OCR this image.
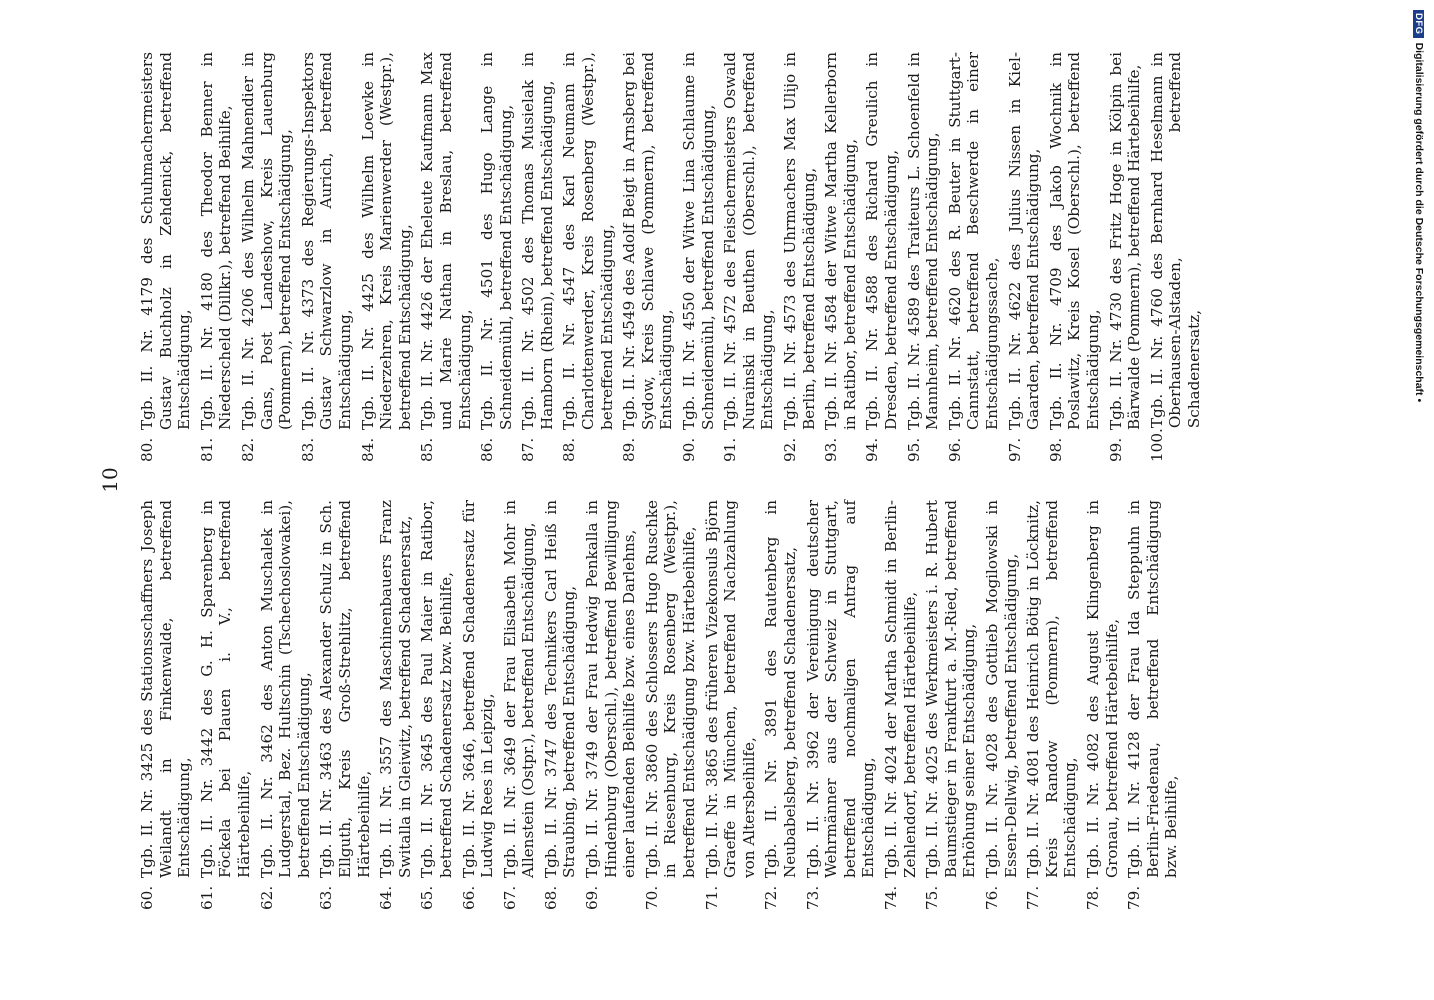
10
60.
Tgb. II. Nr. 3425 des Stationsschaffners Joseph Weilandt in Finkenwalde, betreffend Entschädigung,
61.
Tgb. II. Nr. 3442 des G. H. Sparenberg in Föckela bei Plauen i. V., betreffend Härtebeihilfe,
62.
Tgb. II. Nr. 3462 des Anton Muschalek in Ludgerstal, Bez. Hultschin (Tschechoslowakei), betreffend Entschädigung,
63.
Tgb. II. Nr. 3463 des Alexander Schulz in Sch. Ellguth, Kreis Groß-Strehlitz, betreffend Härtebeihilfe,
64.
Tgb. II. Nr. 3557 des Maschinenbauers Franz Switalla in Gleiwitz, betreffend Schadenersatz,
65.
Tgb. II. Nr. 3645 des Paul Maier in Ratibor, betreffend Schadenersatz bzw. Beihilfe,
66.
Tgb. II. Nr. 3646, betreffend Schadenersatz für Ludwig Rees in Leipzig,
67.
Tgb. II. Nr. 3649 der Frau Elisabeth Mohr in Allenstein (Ostpr.), betreffend Entschädigung,
68.
Tgb. II. Nr. 3747 des Technikers Carl Heiß in Straubing, betreffend Entschädigung,
69.
Tgb. II. Nr. 3749 der Frau Hedwig Penkalla in Hindenburg (Oberschl.), betreffend Bewilligung einer laufenden Beihilfe bzw. eines Darlehns,
70.
Tgb. II. Nr. 3860 des Schlossers Hugo Ruschke in Riesenburg, Kreis Rosenberg (Westpr.), betreffend Entschädigung bzw. Härtebeihilfe,
71.
Tgb. II. Nr. 3865 des früheren Vizekonsuls Björn Graeffe in München, betreffend Nachzahlung von Altersbeihilfe,
72.
Tgb. II. Nr. 3891 des Rautenberg in Neubabelsberg, betreffend Schadenersatz,
73.
Tgb. II. Nr. 3962 der Vereinigung deutscher Wehrmänner aus der Schweiz in Stuttgart, betreffend nochmaligen Antrag auf Entschädigung,
74.
Tgb. II. Nr. 4024 der Martha Schmidt in Berlin-Zehlendorf, betreffend Härtebeihilfe,
75.
Tgb. II. Nr. 4025 des Werkmeisters i. R. Hubert Baumstieger in Frankfurt a. M.-Ried, betreffend Erhöhung seiner Entschädigung,
76.
Tgb. II. Nr. 4028 des Gottlieb Mogilowski in Essen-Dellwig, betreffend Entschädigung,
77.
Tgb. II. Nr. 4081 des Heinrich Bötig in Löcknitz, Kreis Randow (Pommern), betreffend Entschädigung,
78.
Tgb. II. Nr. 4082 des August Klingenberg in Gronau, betreffend Härtebeihilfe,
79.
Tgb. II. Nr. 4128 der Frau Ida Steppuhn in Berlin-Friedenau, betreffend Entschädigung bzw. Beihilfe,
80.
Tgb. II. Nr. 4179 des Schuhmachermeisters Gustav Buchholz in Zehdenick, betreffend Entschädigung,
81.
Tgb. II. Nr. 4180 des Theodor Benner in Niederscheld (Dillkr.), betreffend Beihilfe,
82.
Tgb. II. Nr. 4206 des Wilhelm Mahnendier in Gans, Post Landeshow, Kreis Lauenburg (Pommern), betreffend Entschädigung,
83.
Tgb. II. Nr. 4373 des Regierungs-Inspektors Gustav Schwarzlow in Aurich, betreffend Entschädigung,
84.
Tgb. II. Nr. 4425 des Wilhelm Loewke in Niederzehren, Kreis Marienwerder (Westpr.), betreffend Entschädigung,
85.
Tgb. II. Nr. 4426 der Eheleute Kaufmann Max und Marie Nathan in Breslau, betreffend Entschädigung,
86.
Tgb. II. Nr. 4501 des Hugo Lange in Schneidemühl, betreffend Entschädigung,
87.
Tgb. II. Nr. 4502 des Thomas Musielak in Hamborn (Rhein), betreffend Entschädigung,
88.
Tgb. II. Nr. 4547 des Karl Neumann in Charlottenwerder, Kreis Rosenberg (Westpr.), betreffend Entschädigung,
89.
Tgb. II. Nr. 4549 des Adolf Beigt in Arnsberg bei Sydow, Kreis Schlawe (Pommern), betreffend Entschädigung,
90.
Tgb. II. Nr. 4550 der Witwe Lina Schlaume in Schneidemühl, betreffend Entschädigung,
91.
Tgb. II. Nr. 4572 des Fleischermeisters Oswald Nurainski in Beuthen (Oberschl.), betreffend Entschädigung,
92.
Tgb. II. Nr. 4573 des Uhrmachers Max Ulijo in Berlin, betreffend Entschädigung,
93.
Tgb. II. Nr. 4584 der Witwe Martha Kellerborn in Ratibor, betreffend Entschädigung,
94.
Tgb. II. Nr. 4588 des Richard Greulich in Dresden, betreffend Entschädigung,
95.
Tgb. II. Nr. 4589 des Traiteurs L. Schoenfeld in Mannheim, betreffend Entschädigung,
96.
Tgb. II. Nr. 4620 des R. Beuter in Stuttgart-Cannstatt, betreffend Beschwerde in einer Entschädigungssache,
97.
Tgb. II. Nr. 4622 des Julius Nissen in Kiel-Gaarden, betreffend Entschädigung,
98.
Tgb. II. Nr. 4709 des Jakob Wochnik in Poslawitz, Kreis Kosel (Oberschl.), betreffend Entschädigung,
99.
Tgb. II. Nr. 4730 des Fritz Hoge in Kölpin bei Bärwalde (Pommern), betreffend Härtebeihilfe,
100.
Tgb. II. Nr. 4760 des Bernhard Heselmann in Oberhausen-Alstaden, betreffend Schadenersatz,
DFGDigitalisierung gefördert durch die Deutsche Forschungsgemeinschaft •
